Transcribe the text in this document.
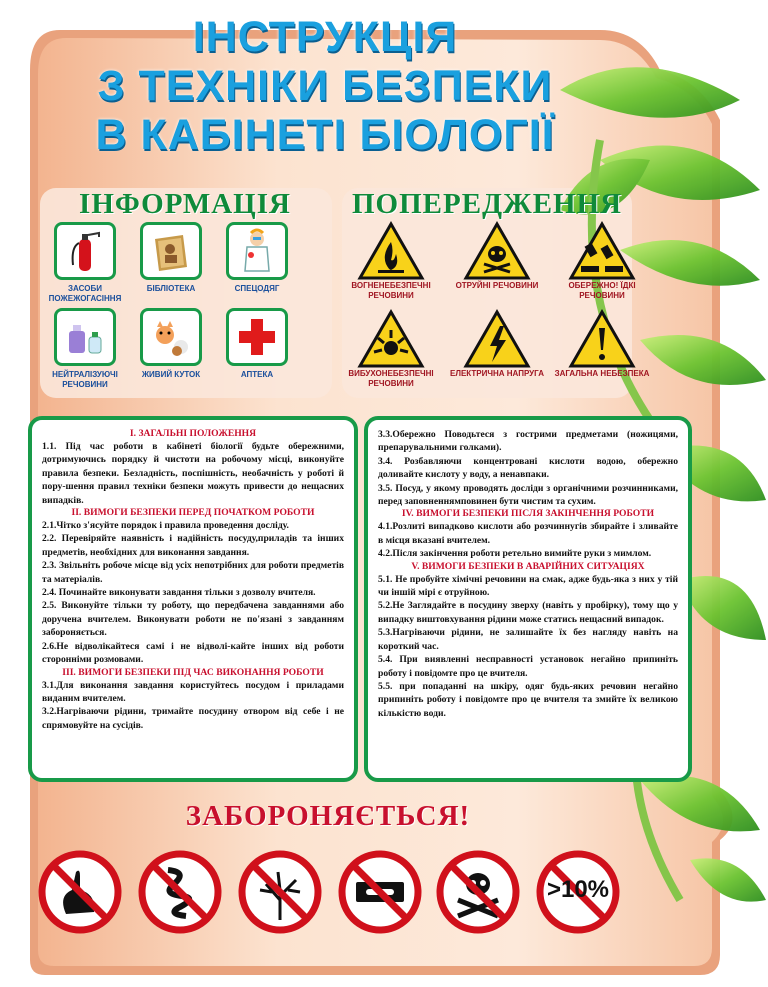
ІНСТРУКЦІЯ
З ТЕХНІКИ БЕЗПЕКИ
В КАБІНЕТІ БІОЛОГІЇ
ІНФОРМАЦІЯ
ЗАСОБИ ПОЖЕЖОГАСІННЯ
БІБЛІОТЕКА	СПЕЦОДЯГ
НЕЙТРАЛІЗУЮЧІ РЕЧОВИНИ
ЖИВИЙ КУТОК	АПТЕКА
ПОПЕРЕДЖЕННЯ
ВОГНЕНЕБЕЗПЕЧНІ РЕЧОВИНИ
ОТРУЙНІ РЕЧОВИНИ	ОБЕРЕЖНО! ЇДКІ РЕЧОВИНИ
ВИБУХОНЕБЕЗПЕЧНІ РЕЧОВИНИ
ЕЛЕКТРИЧНА НАПРУГА	ЗАГАЛЬНА НЕБЕЗПЕКА

I. ЗАГАЛЬНІ ПОЛОЖЕННЯ

1.1. Під час роботи в кабінеті біології будьте обережними, дотримуючись порядку й чистоти на робочому місці, виконуйте правила безпеки. Безладність, поспішність, необачність у роботі й пору-шення правил техніки безпеки можуть привести до нещасних випадків.

II. ВИМОГИ БЕЗПЕКИ ПЕРЕД ПОЧАТКОМ РОБОТИ

2.1.Чітко з'ясуйте порядок і правила проведення досліду.

2.2. Перевіряйте наявність і надійність посуду,приладів та інших предметів, необхідних для виконання завдання.

2.3. Звільніть робоче місце від усіх непотрібних для роботи предметів та матеріалів.

2.4. Починайте виконувати завдання тільки з дозволу вчителя.

2.5. Виконуйте тільки ту роботу, що передбачена завданнями або доручена вчителем. Виконувати роботи не по'язані з завданням забороняється.

2.6.Не відволікайтеся самі і не відволі-кайте інших від роботи сторонніми розмовами.

III. ВИМОГИ БЕЗПЕКИ ПІД ЧАС ВИКОНАННЯ РОБОТИ

3.1.Для виконання завдання користуйтесь посудом і приладами виданим вчителем.

3.2.Нагріваючи рідини, тримайте посудину отвором від себе і не спрямовуйте на сусідів.

3.3.Обережно Поводьтеся з гострими предметами (ножицями, препарувальними голками).

3.4. Розбавляючи концентровані кислоти водою, обережно доливайте кислоту у воду, а ненавпаки.

3.5. Посуд, у якому проводять досліди з органічними розчинниками, перед заповненнямповинен бути чистим та сухим.

IV. ВИМОГИ БЕЗПЕКИ ПІСЛЯ ЗАКІНЧЕННЯ РОБОТИ

4.1.Розлиті випадково кислоти або розчиннугів збирайте і зливайте в місця вказані вчителем.

4.2.Після закінчення роботи ретельно вимийте руки з мимлом.

V. ВИМОГИ БЕЗПЕКИ В АВАРІЙНИХ СИТУАЦІЯХ

5.1. Не пробуйте хімічні речовини на смак, адже будь-яка з них у тій чи іншій мірі є отруйною.

5.2.Не Заглядайте в посудину зверху (навіть у пробірку), тому що у випадку виштовхування рідини може статись нещасний випадок.

5.3.Нагріваючи рідини, не залишайте їх без нагляду навіть на короткий час.

5.4. При виявленні несправності установок негайно припиніть роботу і повідомте про це вчителя.

5.5. при попаданні на шкіру, одяг будь-яких речовин негайно припиніть роботу і повідомте про це вчителя та змийте їх великою кількістю води.

ЗАБОРОНЯЄТЬСЯ!
>10%
